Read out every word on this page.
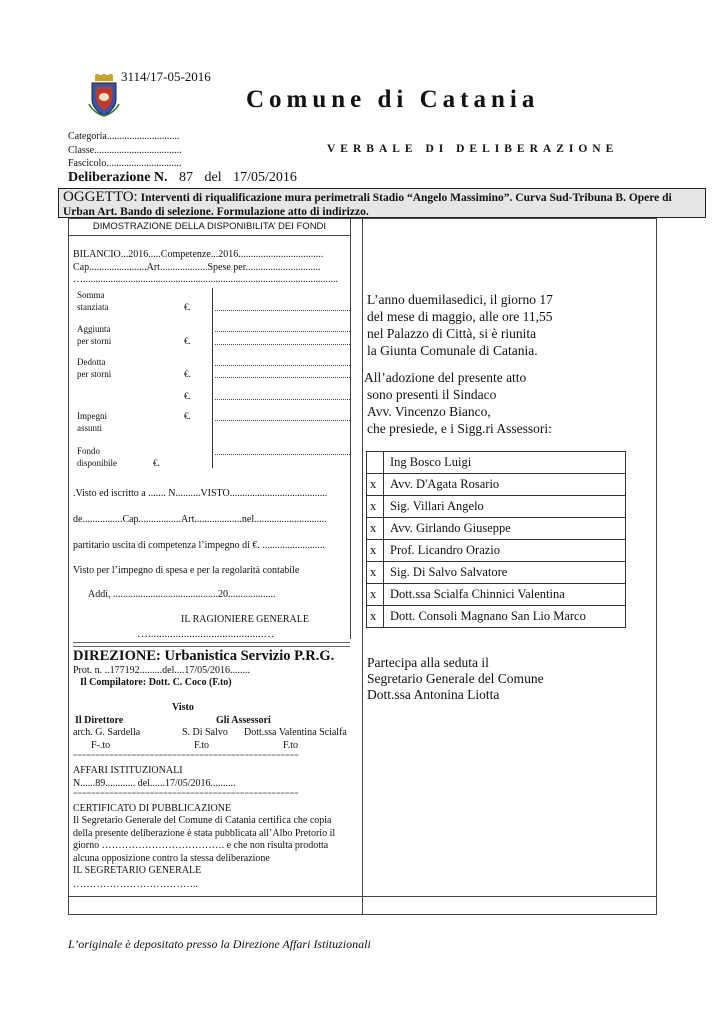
3114/17-05-2016
Comune di Catania
Categoria.............................
Classe...................................
Fascicolo..............................
VERBALE DI DELIBERAZIONE
Deliberazione N. 87 del 17/05/2016
OGGETTO: Interventi di riqualificazione mura perimetrali Stadio “Angelo Massimino”. Curva Sud-Tribuna B. Opere di Urban Art. Bando di selezione. Formulazione atto di indirizzo.
DIMOSTRAZIONE DELLA DISPONIBILITA’ DEI FONDI
BILANCIO...2016.....Competenze...2016..................................
Cap.......................Art...................Spese per..............................
…......................................................................................................
Somma
stanziata	€.
Aggiunta
per storni	€.
Dedotta
per storni	€.
€.
Impegni	€.
assunti
Fondo
disponibile	€.
.Visto ed iscritto a ....... N..........VISTO.......................................
de................Cap.................Art...................nel.............................
partitario uscita di competenza l’impegno di €. .........................
Visto per l’impegno di spesa e per la regolarità contabile
Addì, ..........................................20...................
IL RAGIONIERE GENERALE
…..........................................…
DIREZIONE: Urbanistica Servizio P.R.G.
Prot. n. ..177192.........del....17/05/2016........
Il Compilatore: Dott. C. Coco (F.to)
Visto
Il Direttore	Gli Assessori
arch. G. Sardella	S. Di Salvo Dott.ssa Valentina Scialfa
F-.to	F.to	F.to
==================================================
AFFARI ISTITUZIONALI
N......89............ del......17/05/2016..........
==================================================
CERTIFICATO DI PUBBLICAZIONE
Il Segretario Generale del Comune di Catania certifica che copia
della presente deliberazione è stata pubblicata all’Albo Pretorio il
giorno ………………………………. e che non risulta prodotta
alcuna opposizione contro la stessa deliberazione
IL SEGRETARIO GENERALE
………………………………..
L’anno duemilasedici, il giorno 17
del mese di maggio, alle ore 11,55
nel Palazzo di Città, si è riunita
la Giunta Comunale di Catania.
All’adozione del presente atto
sono presenti il Sindaco
Avv. Vincenzo Bianco,
che presiede, e i Sigg.ri Assessori:
	Ing Bosco Luigi
x	Avv. D'Agata Rosario
x	Sig. Villari Angelo
x	Avv. Girlando Giuseppe
x	Prof. Licandro Orazio
x	Sig. Di Salvo Salvatore
x	Dott.ssa Scialfa Chinnici Valentina
x	Dott. Consoli Magnano San Lio Marco
Partecipa alla seduta il
Segretario Generale del Comune
Dott.ssa Antonina Liotta
L’originale è depositato presso la Direzione Affari Istituzionali
